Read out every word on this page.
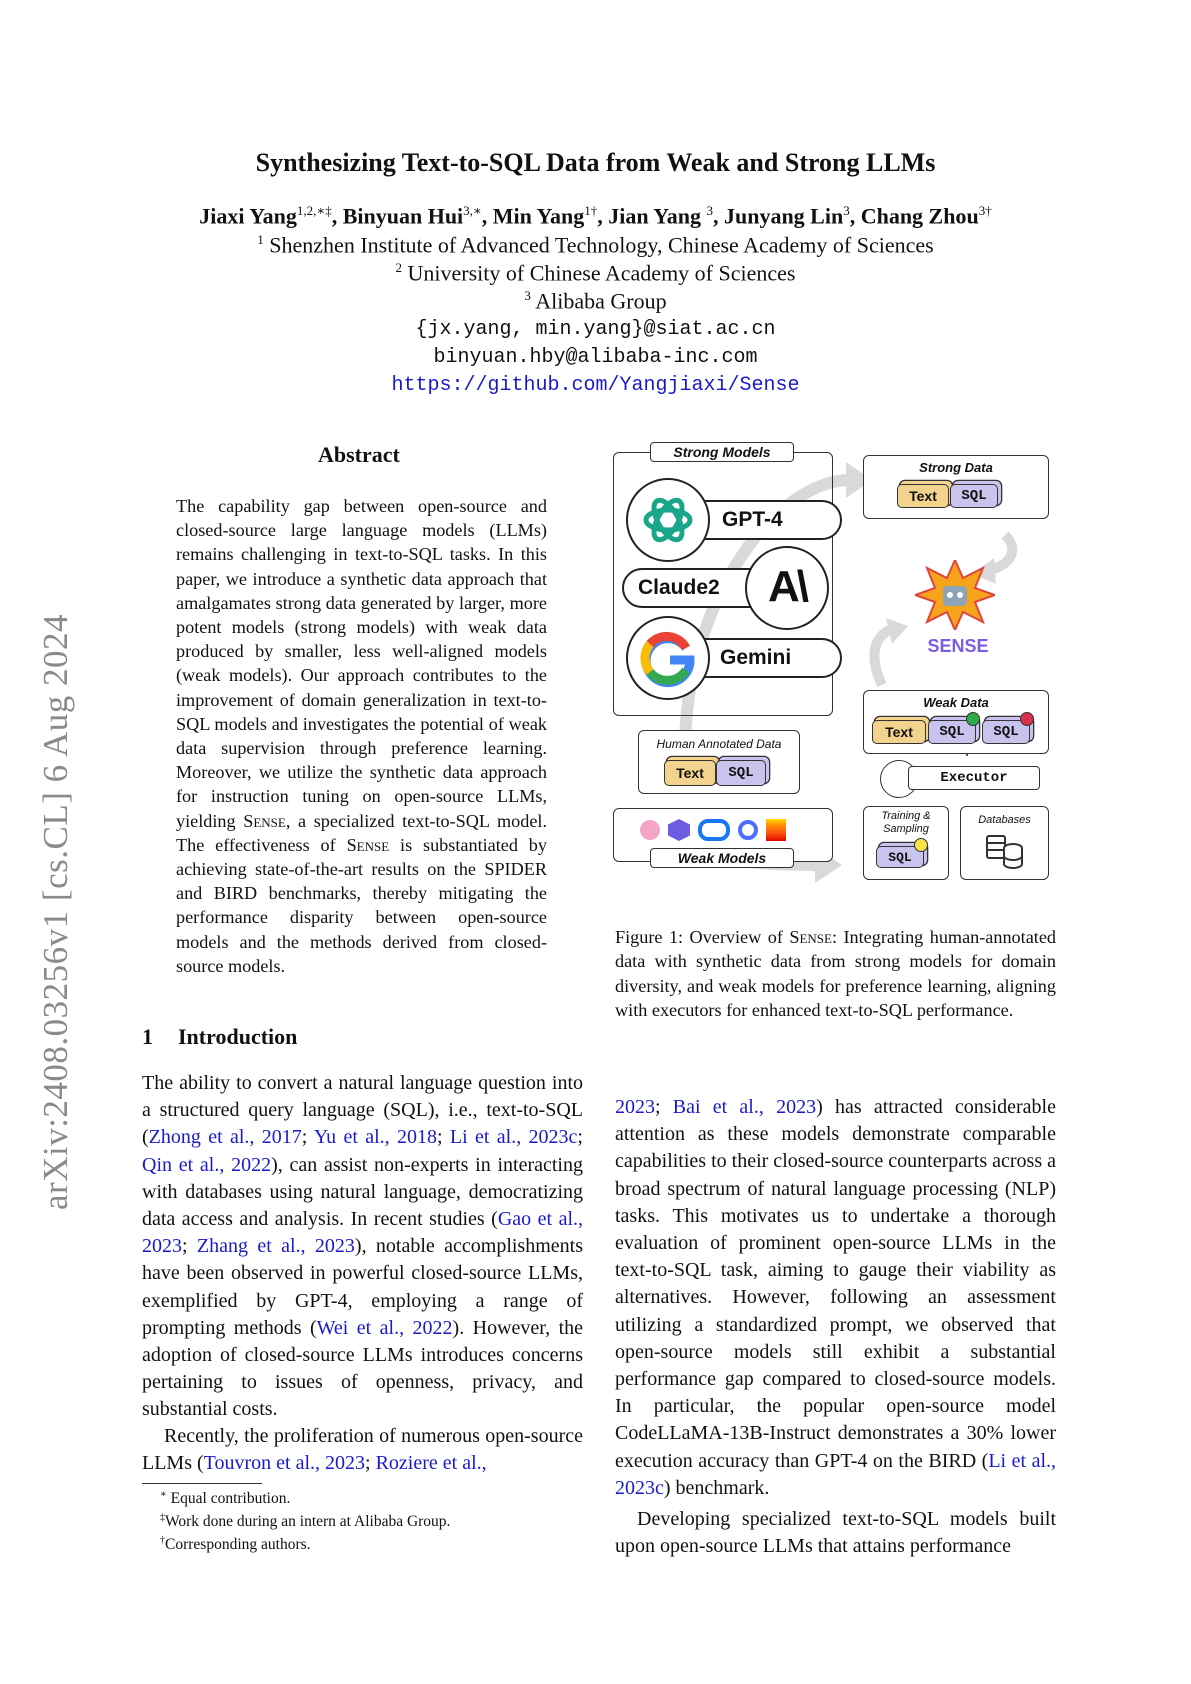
arXiv:2408.03256v1 [cs.CL] 6 Aug 2024
Synthesizing Text-to-SQL Data from Weak and Strong LLMs
Jiaxi Yang$^{1,2,∗\ddagger}$, Binyuan Hui$^{3,∗}$, Min Yang$^{1\dagger}$, Jian Yang $^3$, Junyang Lin$^3$, Chang Zhou$^{3\dagger}$
$^1$ Shenzhen Institute of Advanced Technology, Chinese Academy of Sciences
$^2$ University of Chinese Academy of Sciences
$^3$ Alibaba Group
{jx.yang, min.yang}@siat.ac.cn
binyuan.hby@alibaba-inc.com
https://github.com/Yangjiaxi/Sense
Abstract
The capability gap between open-source and closed-source large language models (LLMs) remains challenging in text-to-SQL tasks. In this paper, we introduce a synthetic data approach that amalgamates strong data generated by larger, more potent models (strong models) with weak data produced by smaller, less well-aligned models (weak models). Our approach contributes to the improvement of domain generalization in text-to-SQL models and investigates the potential of weak data supervision through preference learning. Moreover, we utilize the synthetic data approach for instruction tuning on open-source LLMs, yielding Sense, a specialized text-to-SQL model. The effectiveness of Sense is substantiated by achieving state-of-the-art results on the SPIDER and BIRD benchmarks, thereby mitigating the performance disparity between open-source models and the methods derived from closed-source models.
1 Introduction
The ability to convert a natural language question into a structured query language (SQL), i.e., text-to-SQL (Zhong et al., 2017; Yu et al., 2018; Li et al., 2023c; Qin et al., 2022), can assist non-experts in interacting with databases using natural language, democratizing data access and analysis. In recent studies (Gao et al., 2023; Zhang et al., 2023), notable accomplishments have been observed in powerful closed-source LLMs, exemplified by GPT-4, employing a range of prompting methods (Wei et al., 2022). However, the adoption of closed-source LLMs introduces concerns pertaining to issues of openness, privacy, and substantial costs.
Recently, the proliferation of numerous open-source LLMs (Touvron et al., 2023; Roziere et al.,
2023; Bai et al., 2023) has attracted considerable attention as these models demonstrate comparable capabilities to their closed-source counterparts across a broad spectrum of natural language processing (NLP) tasks. This motivates us to undertake a thorough evaluation of prominent open-source LLMs in the text-to-SQL task, aiming to gauge their viability as alternatives. However, following an assessment utilizing a standardized prompt, we observed that open-source models still exhibit a substantial performance gap compared to closed-source models. In particular, the popular open-source model CodeLLaMA-13B-Instruct demonstrates a 30% lower execution accuracy than GPT-4 on the BIRD (Li et al., 2023c) benchmark.
Developing specialized text-to-SQL models built upon open-source LLMs that attains performance
∗ Equal contribution.
‡Work done during an intern at Alibaba Group.
†Corresponding authors.
Strong Models
GPT-4
Claude2	A\
Gemini
Human Annotated Data
Text	SQL
Weak Models
Strong Data
Text	SQL
SENSE
Weak Data
Text	SQL	SQL
Executor
Training & Sampling
SQL
Databases
Figure 1: Overview of Sense: Integrating human-annotated data with synthetic data from strong models for domain diversity, and weak models for preference learning, aligning with executors for enhanced text-to-SQL performance.
